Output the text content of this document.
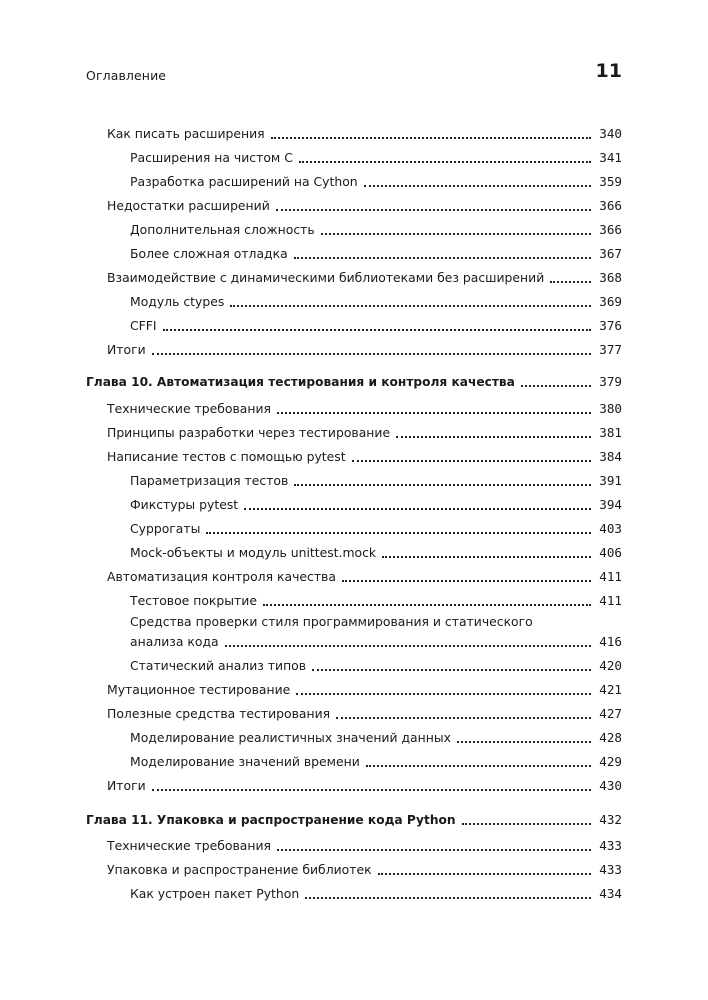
Оглавление	11
Как писать расширения	340
Расширения на чистом С	341
Разработка расширений на Cython	359
Недостатки расширений	366
Дополнительная сложность	366
Более сложная отладка	367
Взаимодействие с динамическими библиотеками без расширений	368
Модуль ctypes	369
CFFI	376
Итоги	377
Глава 10. Автоматизация тестирования и контроля качества	379
Технические требования	380
Принципы разработки через тестирование	381
Написание тестов с помощью pytest	384
Параметризация тестов	391
Фикстуры pytest	394
Суррогаты	403
Mock-объекты и модуль unittest.mock	406
Автоматизация контроля качества	411
Тестовое покрытие	411
Средства проверки стиля программирования и статического
анализа кода	416
Статический анализ типов	420
Мутационное тестирование	421
Полезные средства тестирования	427
Моделирование реалистичных значений данных	428
Моделирование значений времени	429
Итоги	430
Глава 11. Упаковка и распространение кода Python	432
Технические требования	433
Упаковка и распространение библиотек	433
Как устроен пакет Python	434
